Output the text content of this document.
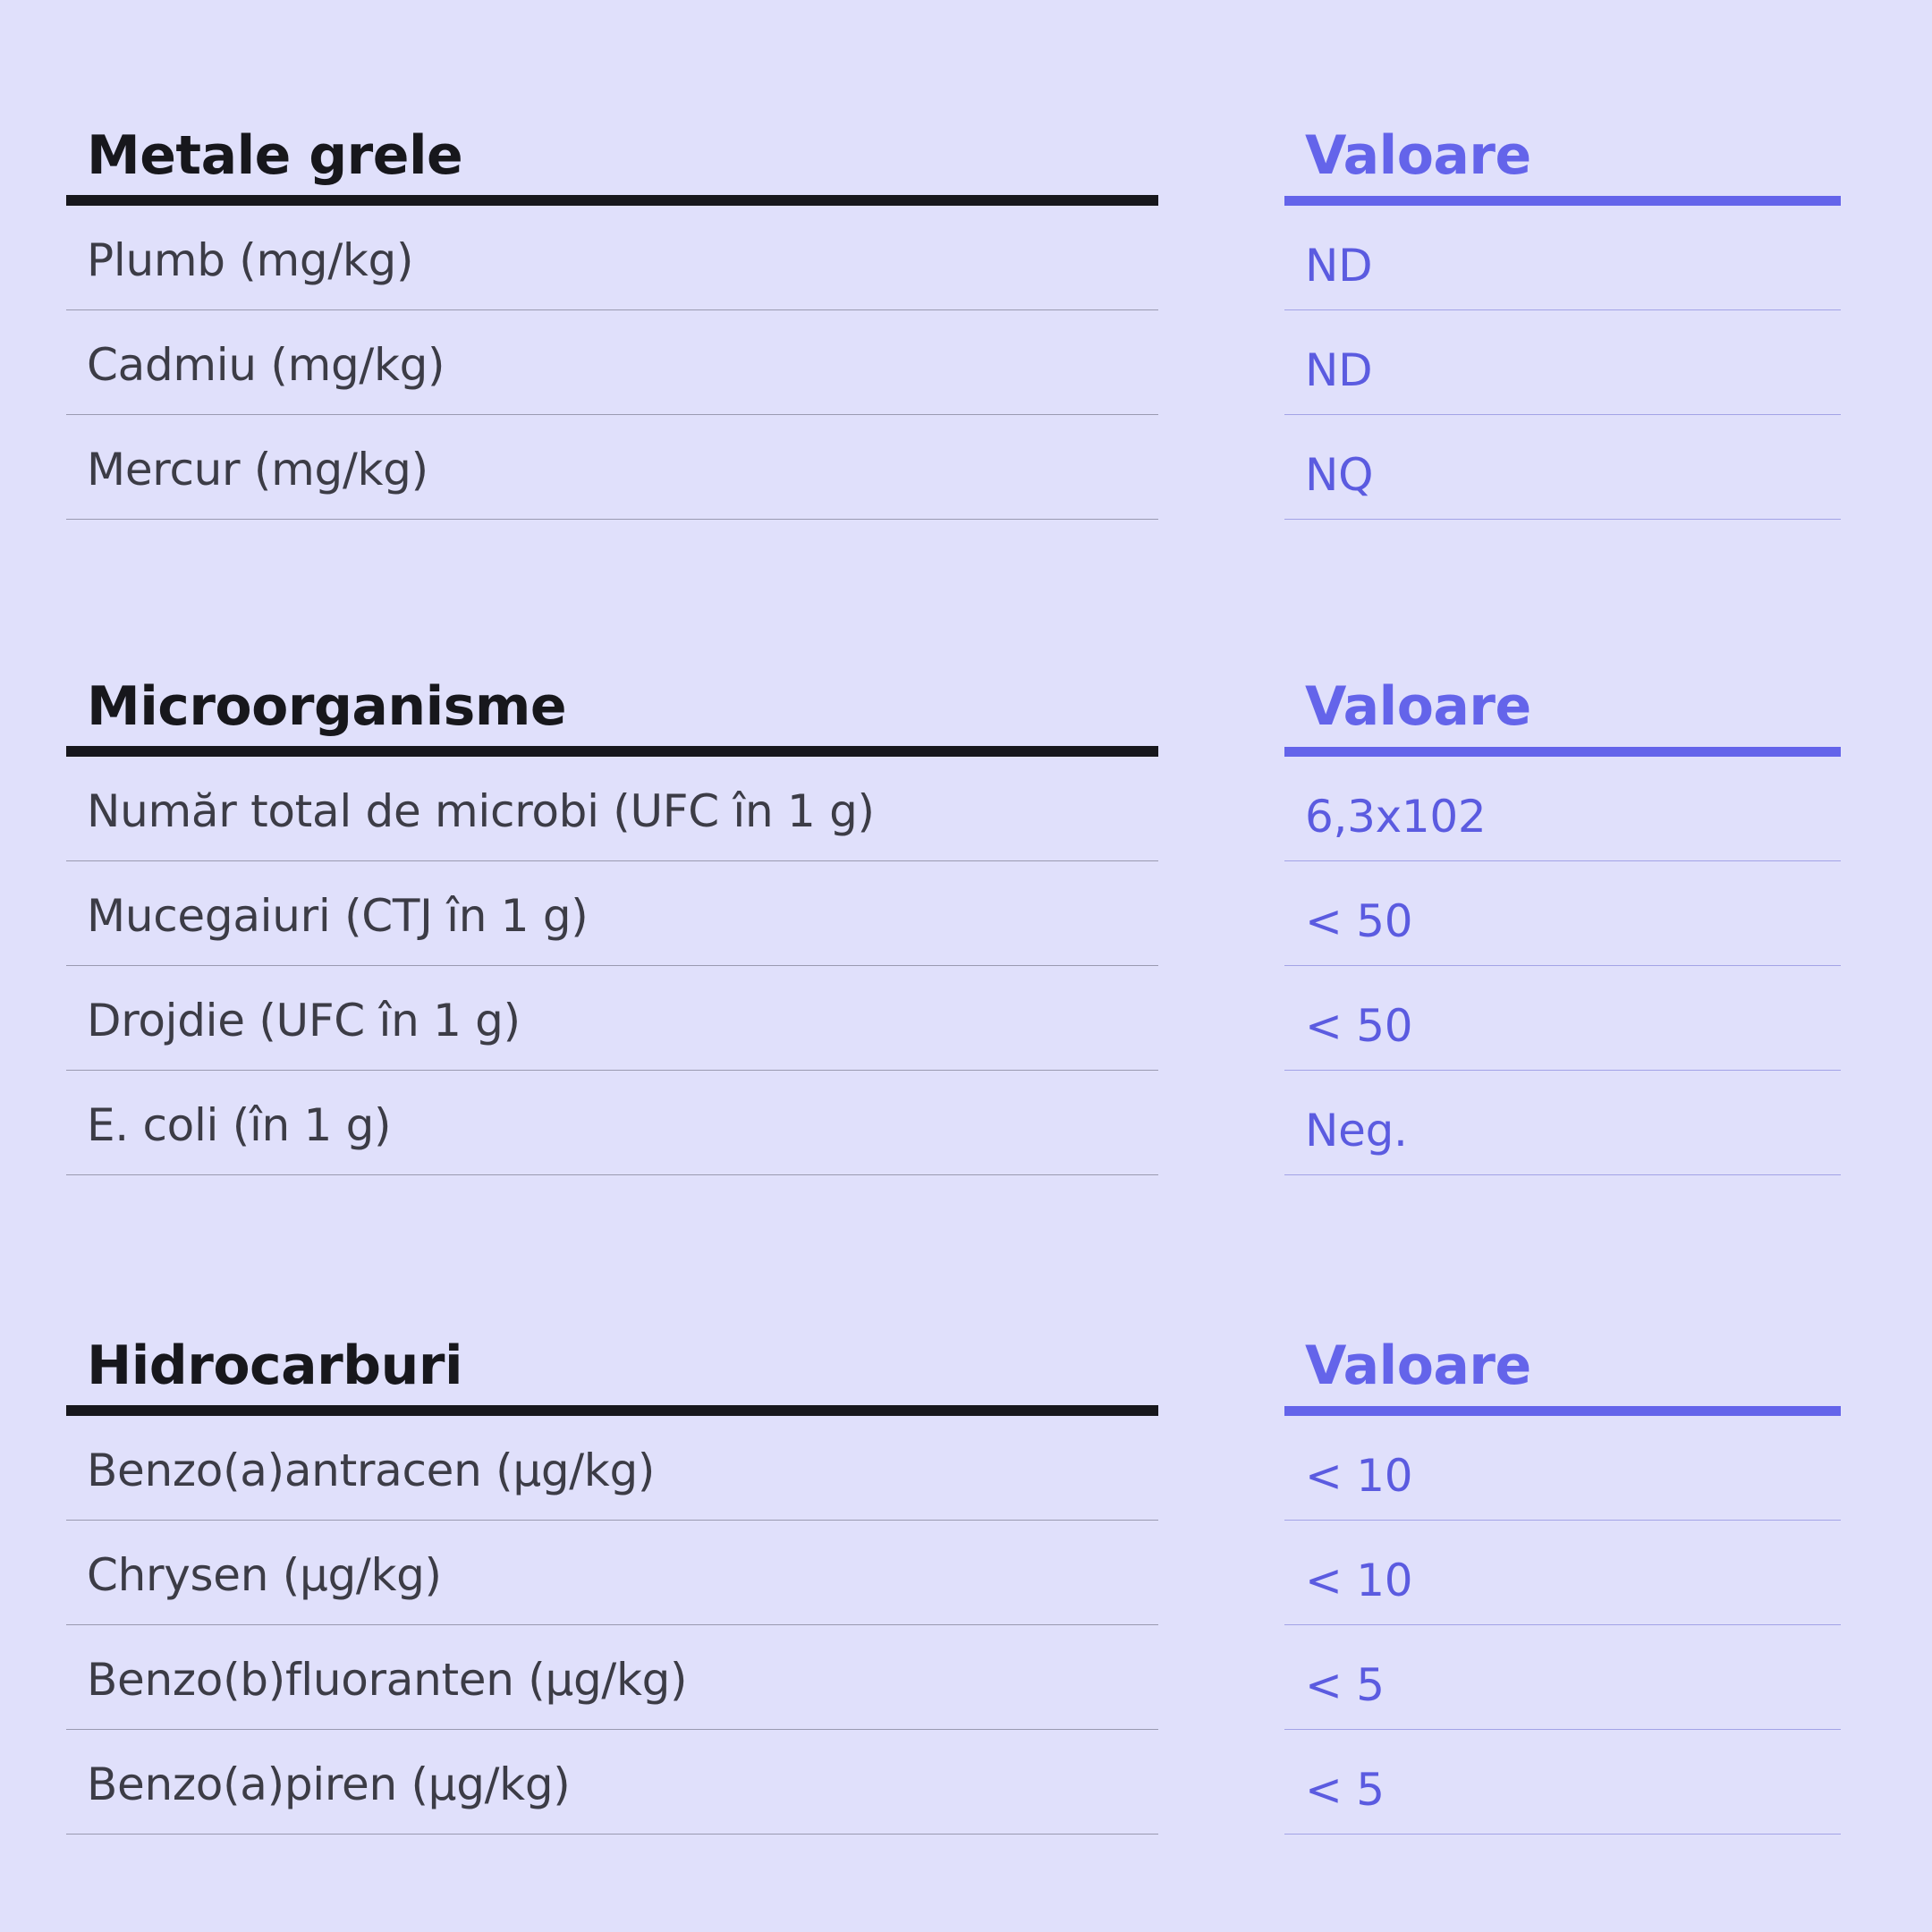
Metale grele
Plumb (mg/kg)
Cadmiu (mg/kg)
Mercur (mg/kg)
Valoare
ND
ND
NQ
Microorganisme
Număr total de microbi (UFC în 1 g)
Mucegaiuri (CTJ în 1 g)
Drojdie (UFC în 1 g)
E. coli (în 1 g)
Valoare
6,3x102
< 50
< 50
Neg.
Hidrocarburi
Benzo(a)antracen (µg/kg)
Chrysen (µg/kg)
Benzo(b)fluoranten (µg/kg)
Benzo(a)piren (µg/kg)
Valoare
< 10
< 10
< 5
< 5
